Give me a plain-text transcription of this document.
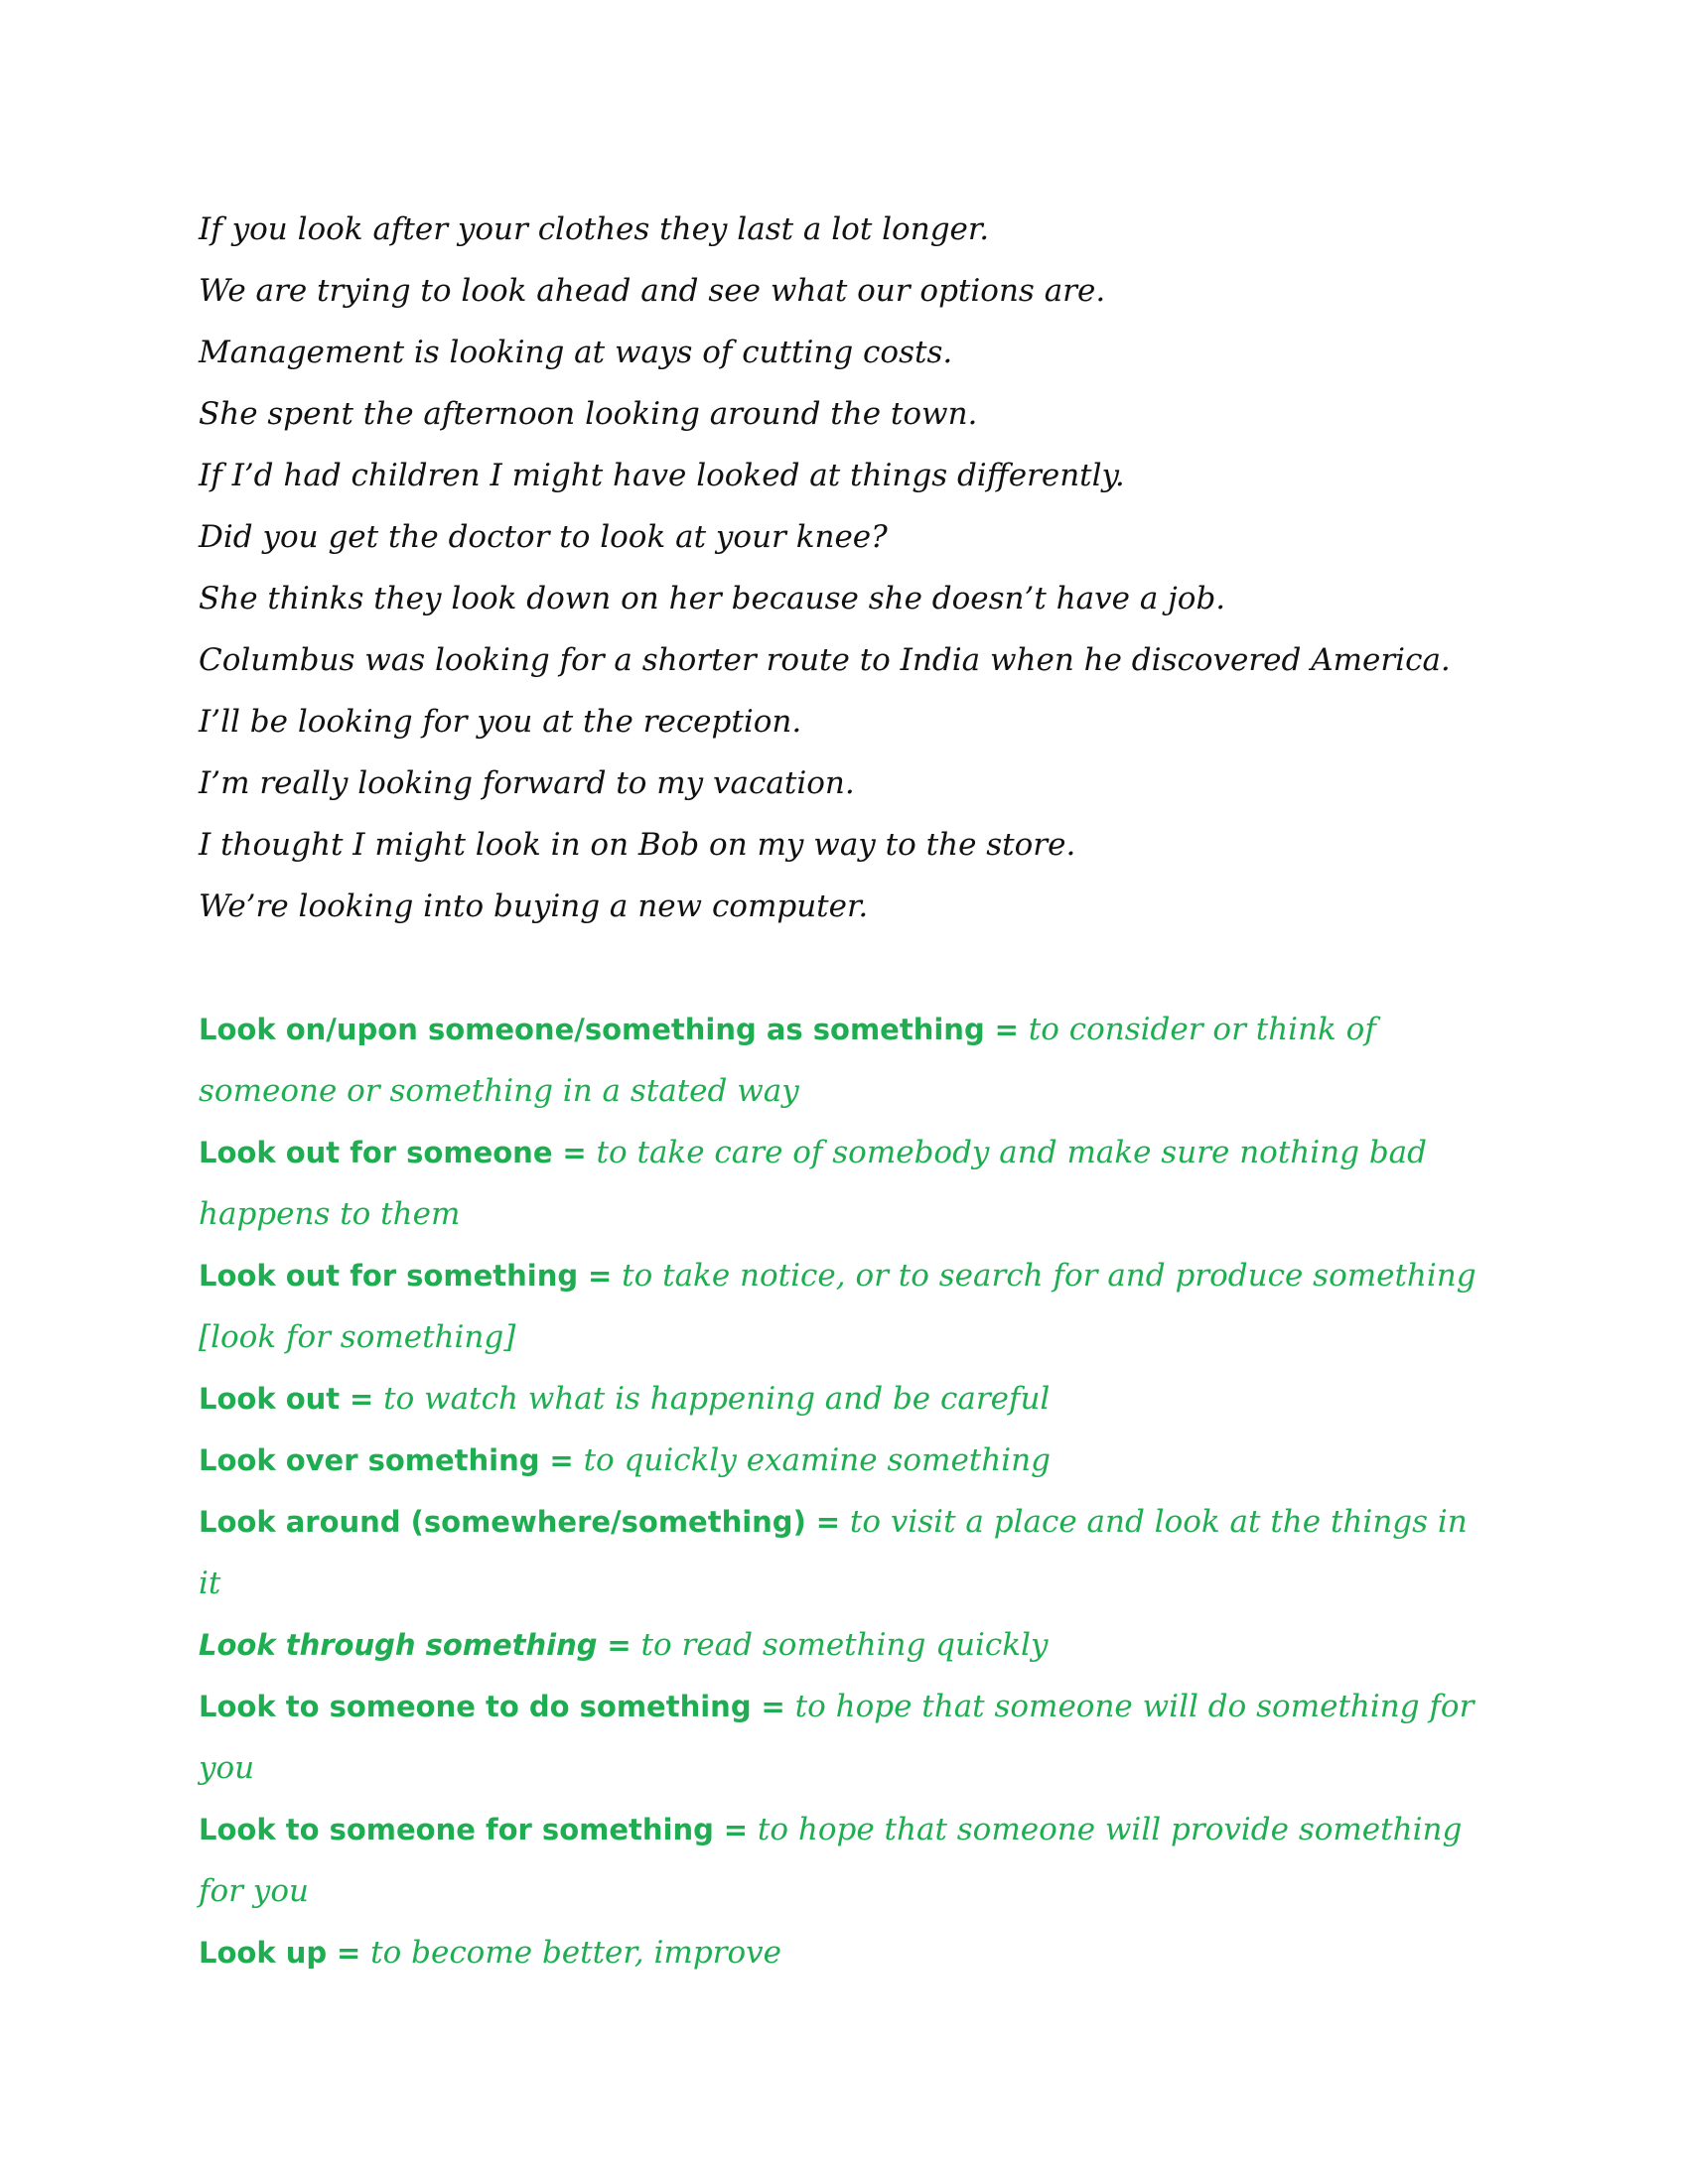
If you look after your clothes they last a lot longer.
We are trying to look ahead and see what our options are.
Management is looking at ways of cutting costs.
She spent the afternoon looking around the town.
If I’d had children I might have looked at things differently.
Did you get the doctor to look at your knee?
She thinks they look down on her because she doesn’t have a job.
Columbus was looking for a shorter route to India when he discovered America.
I’ll be looking for you at the reception.
I’m really looking forward to my vacation.
I thought I might look in on Bob on my way to the store.
We’re looking into buying a new computer.
Look on/upon someone/something as something = to consider or think of someone or something in a stated way
Look out for someone = to take care of somebody and make sure nothing bad happens to them
Look out for something = to take notice, or to search for and produce something [look for something]
Look out = to watch what is happening and be careful
Look over something = to quickly examine something
Look around (somewhere/something) = to visit a place and look at the things in it
Look through something = to read something quickly
Look to someone to do something = to hope that someone will do something for you
Look to someone for something = to hope that someone will provide something for you
Look up = to become better, improve
